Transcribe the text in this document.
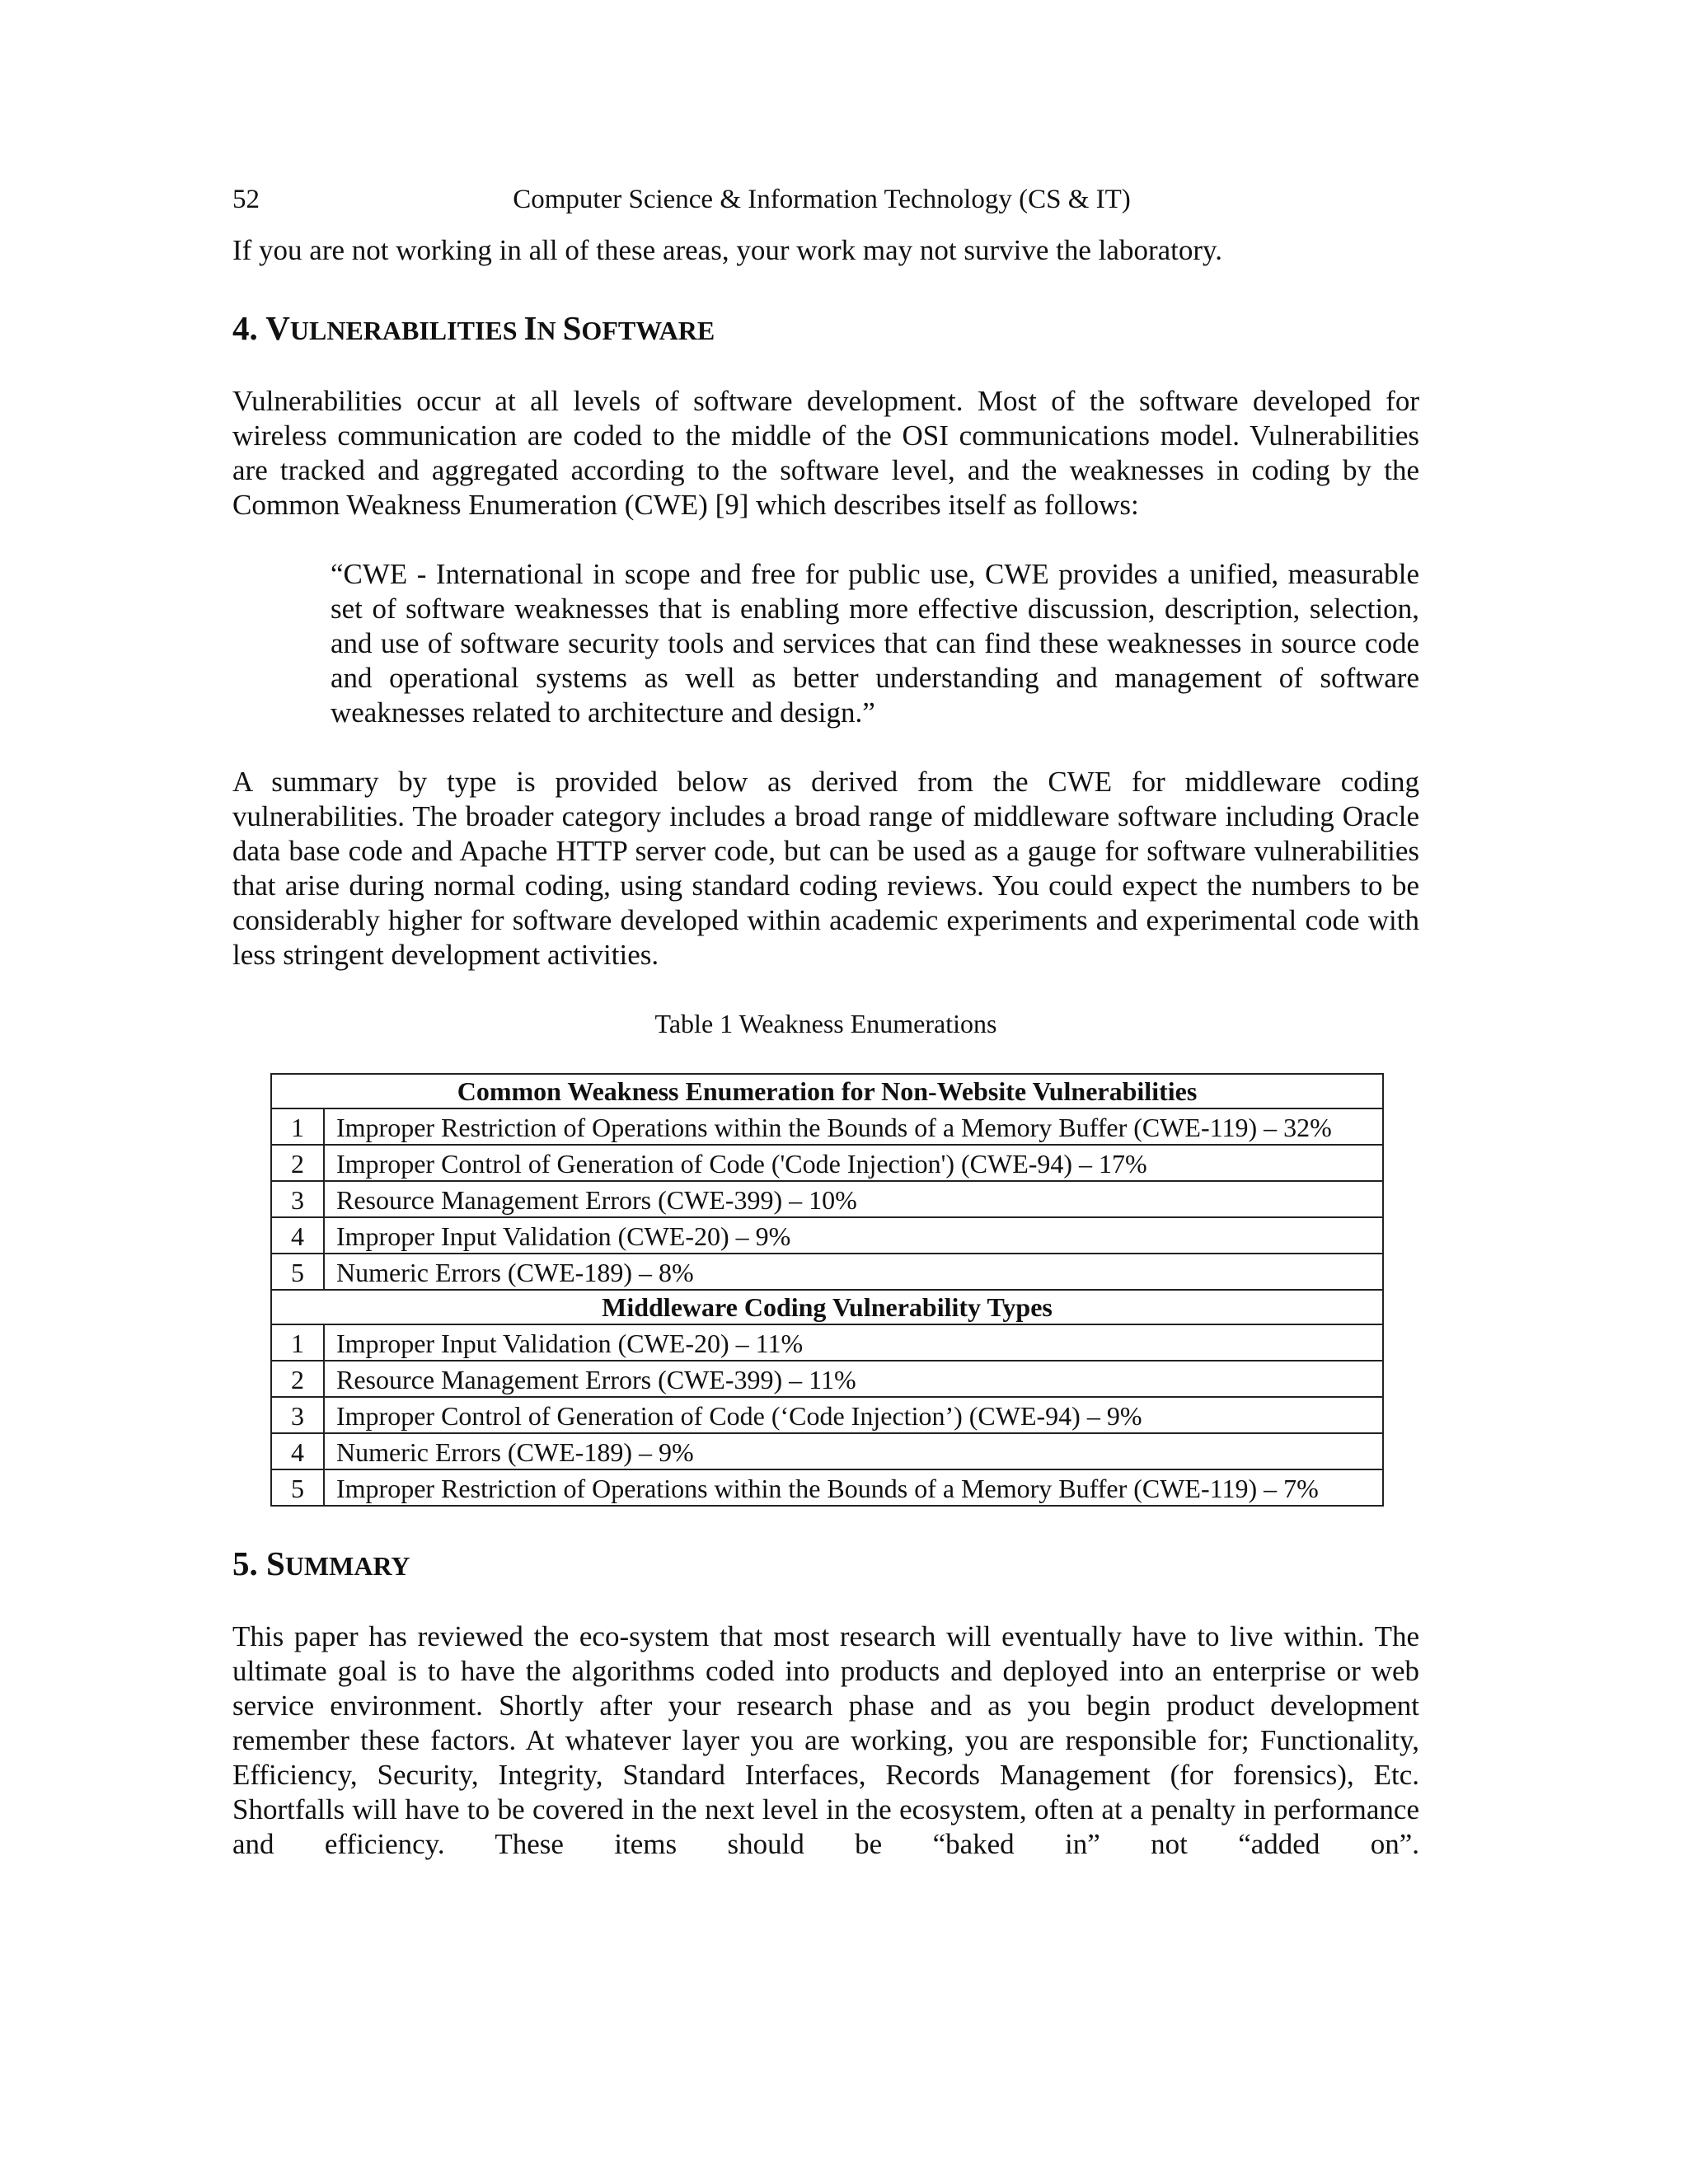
52	Computer Science & Information Technology (CS & IT)

If you are not working in all of these areas, your work may not survive the laboratory.

4. VULNERABILITIES IN SOFTWARE

Vulnerabilities occur at all levels of software development. Most of the software developed for wireless communication are coded to the middle of the OSI communications model. Vulnerabilities are tracked and aggregated according to the software level, and the weaknesses in coding by the Common Weakness Enumeration (CWE) [9] which describes itself as follows:

“CWE - International in scope and free for public use, CWE provides a unified, measurable set of software weaknesses that is enabling more effective discussion, description, selection, and use of software security tools and services that can find these weaknesses in source code and operational systems as well as better understanding and management of software weaknesses related to architecture and design.”

A summary by type is provided below as derived from the CWE for middleware coding vulnerabilities. The broader category includes a broad range of middleware software including Oracle data base code and Apache HTTP server code, but can be used as a gauge for software vulnerabilities that arise during normal coding, using standard coding reviews. You could expect the numbers to be considerably higher for software developed within academic experiments and experimental code with less stringent development activities.

Table 1 Weakness Enumerations
Common Weakness Enumeration for Non-Website Vulnerabilities	
1	Improper Restriction of Operations within the Bounds of a Memory Buffer (CWE-119) – 32%
2	Improper Control of Generation of Code ('Code Injection') (CWE-94) – 17%
3	Resource Management Errors (CWE-399) – 10%
4	Improper Input Validation (CWE-20) – 9%
5	Numeric Errors (CWE-189) – 8%
Middleware Coding Vulnerability Types	
1	Improper Input Validation (CWE-20) – 11%
2	Resource Management Errors (CWE-399) – 11%
3	Improper Control of Generation of Code (‘Code Injection’) (CWE-94) – 9%
4	Numeric Errors (CWE-189) – 9%
5	Improper Restriction of Operations within the Bounds of a Memory Buffer (CWE-119) – 7%
5. SUMMARY

This paper has reviewed the eco-system that most research will eventually have to live within. The ultimate goal is to have the algorithms coded into products and deployed into an enterprise or web service environment. Shortly after your research phase and as you begin product development remember these factors. At whatever layer you are working, you are responsible for; Functionality, Efficiency, Security, Integrity, Standard Interfaces, Records Management (for forensics), Etc. Shortfalls will have to be covered in the next level in the ecosystem, often at a penalty in performance and efficiency. These items should be “baked in” not “added on”.
